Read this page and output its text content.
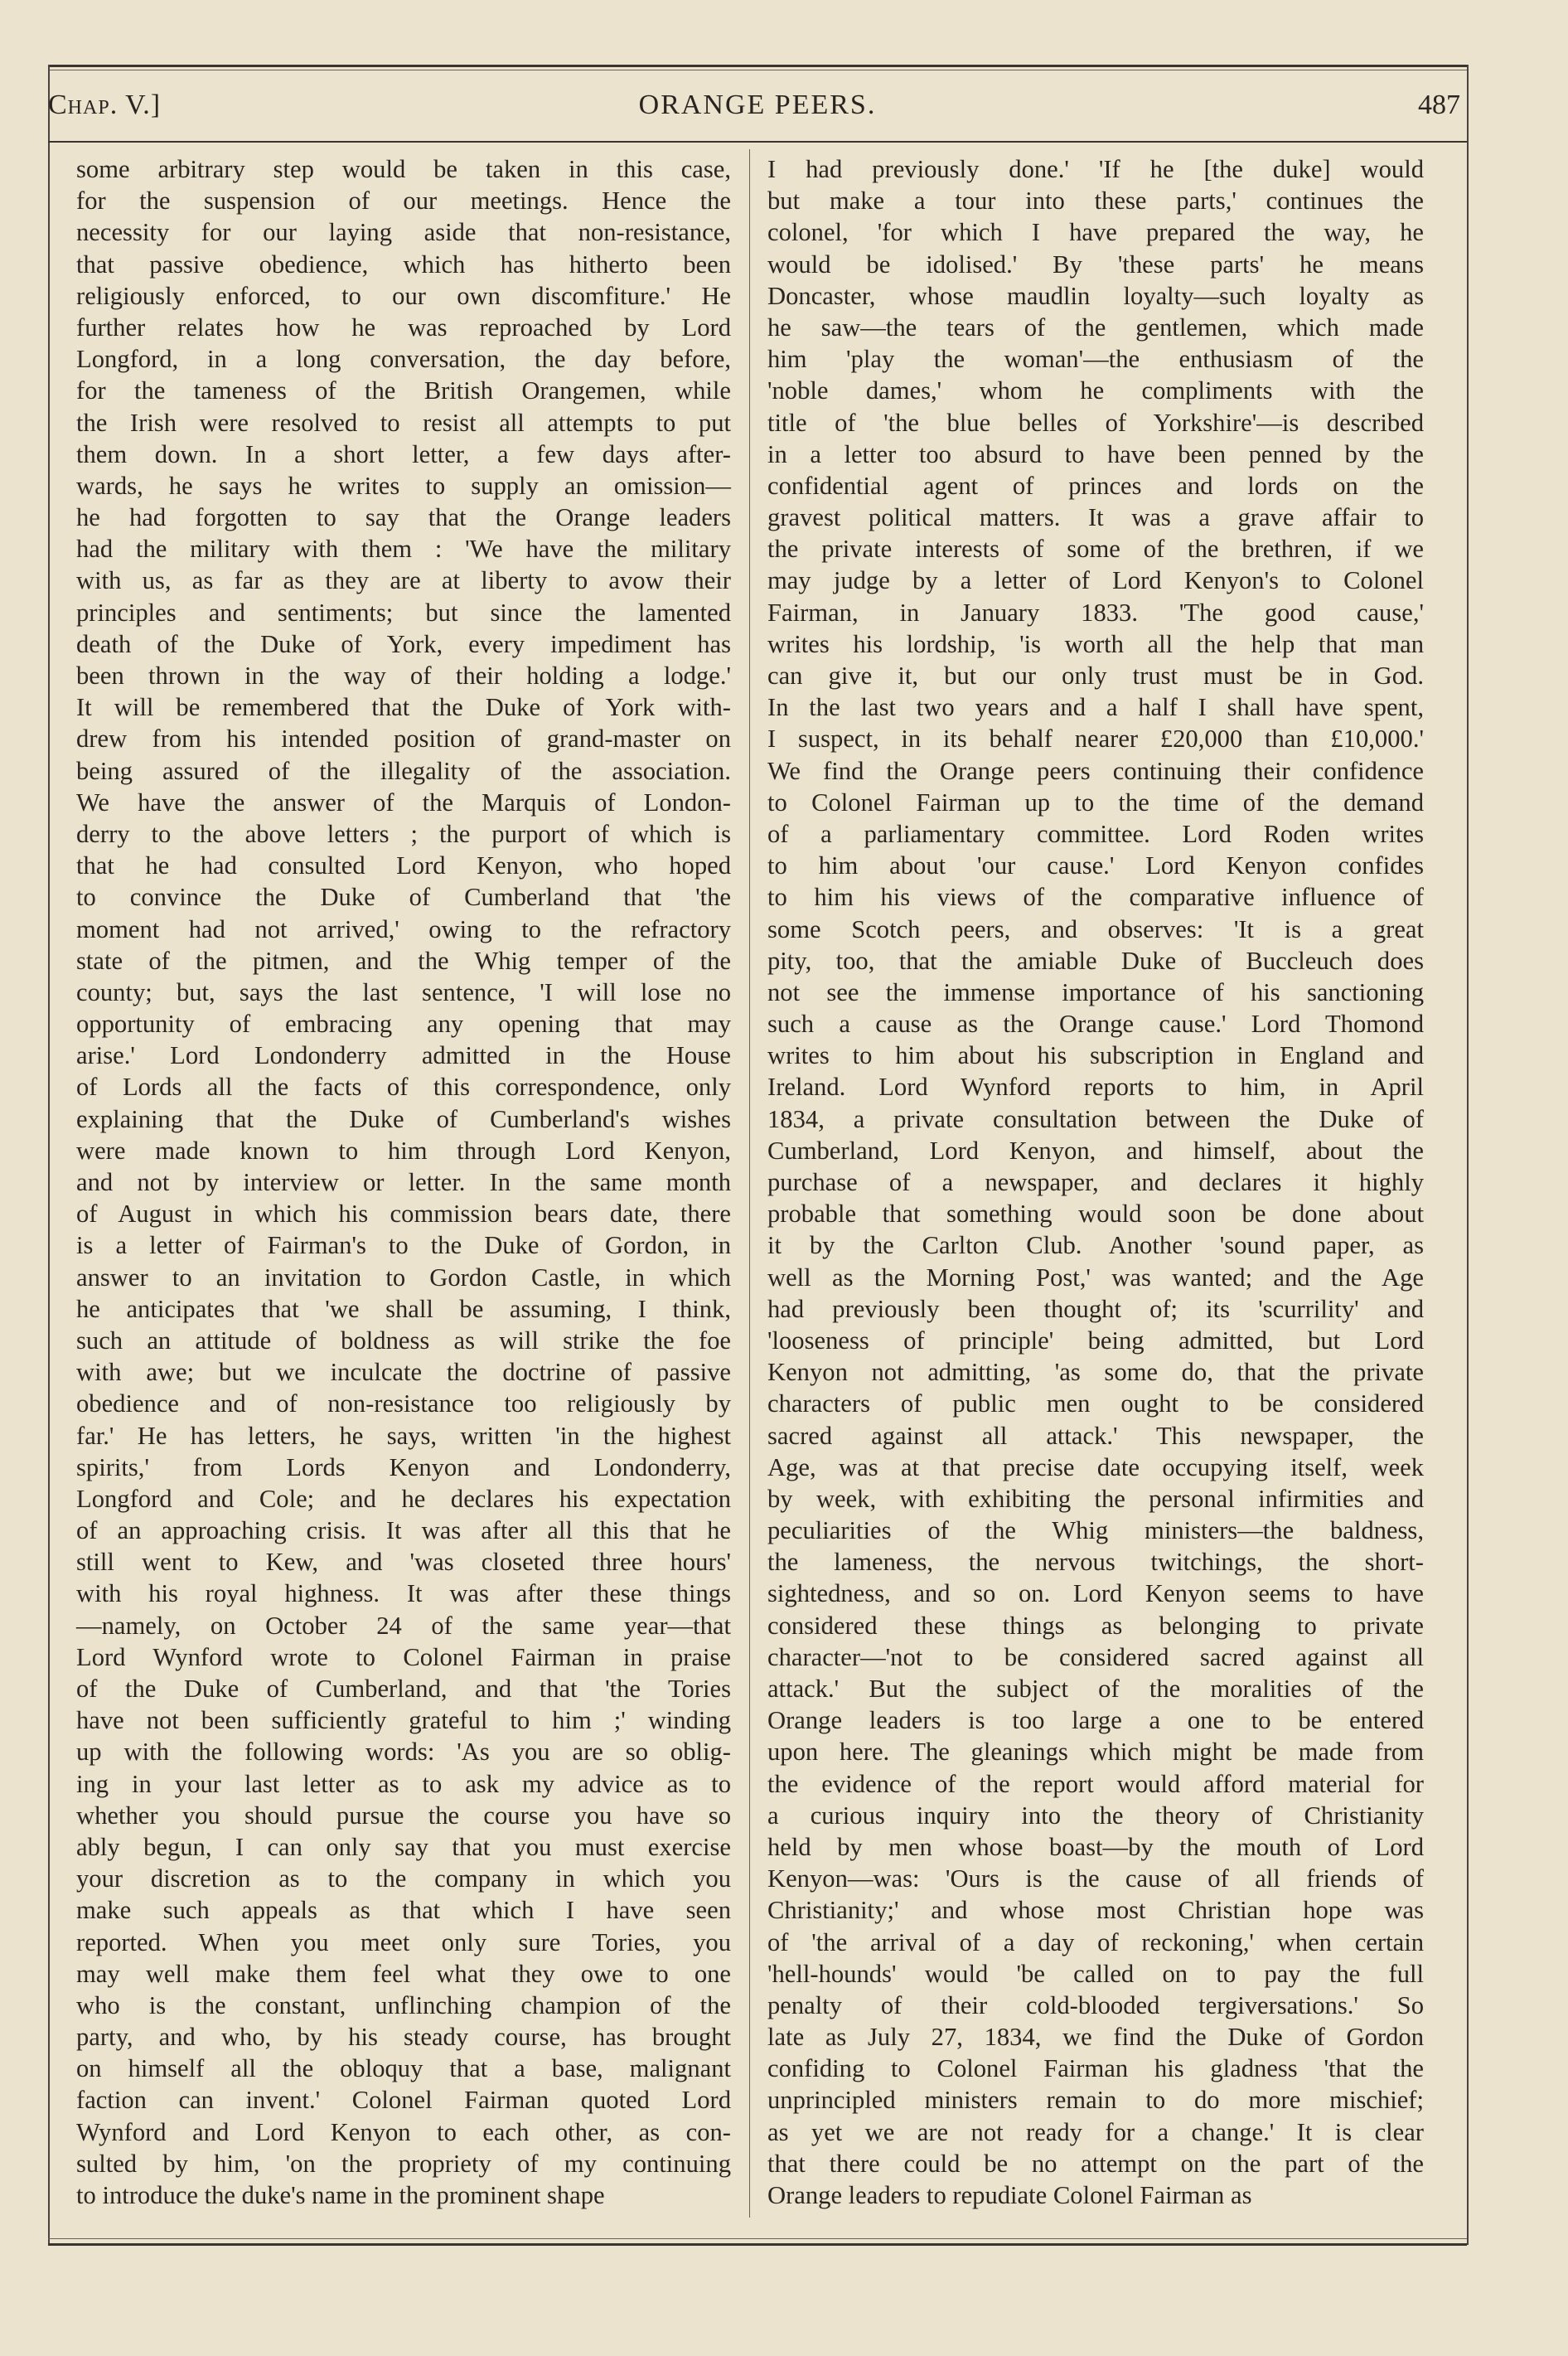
Chap. V.]	ORANGE PEERS.	487
some arbitrary step would be taken in this case,
for the suspension of our meetings. Hence the
necessity for our laying aside that non-resistance,
that passive obedience, which has hitherto been
religiously enforced, to our own discomfiture.' He
further relates how he was reproached by Lord
Longford, in a long conversation, the day before,
for the tameness of the British Orangemen, while
the Irish were resolved to resist all attempts to put
them down. In a short letter, a few days after-
wards, he says he writes to supply an omission—
he had forgotten to say that the Orange leaders
had the military with them : 'We have the military
with us, as far as they are at liberty to avow their
principles and sentiments; but since the lamented
death of the Duke of York, every impediment has
been thrown in the way of their holding a lodge.'
It will be remembered that the Duke of York with-
drew from his intended position of grand-master on
being assured of the illegality of the association.
We have the answer of the Marquis of London-
derry to the above letters ; the purport of which is
that he had consulted Lord Kenyon, who hoped
to convince the Duke of Cumberland that 'the
moment had not arrived,' owing to the refractory
state of the pitmen, and the Whig temper of the
county; but, says the last sentence, 'I will lose no
opportunity of embracing any opening that may
arise.' Lord Londonderry admitted in the House
of Lords all the facts of this correspondence, only
explaining that the Duke of Cumberland's wishes
were made known to him through Lord Kenyon,
and not by interview or letter. In the same month
of August in which his commission bears date, there
is a letter of Fairman's to the Duke of Gordon, in
answer to an invitation to Gordon Castle, in which
he anticipates that 'we shall be assuming, I think,
such an attitude of boldness as will strike the foe
with awe; but we inculcate the doctrine of passive
obedience and of non-resistance too religiously by
far.' He has letters, he says, written 'in the highest
spirits,' from Lords Kenyon and Londonderry,
Longford and Cole; and he declares his expectation
of an approaching crisis. It was after all this that he
still went to Kew, and 'was closeted three hours'
with his royal highness. It was after these things
—namely, on October 24 of the same year—that
Lord Wynford wrote to Colonel Fairman in praise
of the Duke of Cumberland, and that 'the Tories
have not been sufficiently grateful to him ;' winding
up with the following words: 'As you are so oblig-
ing in your last letter as to ask my advice as to
whether you should pursue the course you have so
ably begun, I can only say that you must exercise
your discretion as to the company in which you
make such appeals as that which I have seen
reported. When you meet only sure Tories, you
may well make them feel what they owe to one
who is the constant, unflinching champion of the
party, and who, by his steady course, has brought
on himself all the obloquy that a base, malignant
faction can invent.' Colonel Fairman quoted Lord
Wynford and Lord Kenyon to each other, as con-
sulted by him, 'on the propriety of my continuing
to introduce the duke's name in the prominent shape
I had previously done.' 'If he [the duke] would
but make a tour into these parts,' continues the
colonel, 'for which I have prepared the way, he
would be idolised.' By 'these parts' he means
Doncaster, whose maudlin loyalty—such loyalty as
he saw—the tears of the gentlemen, which made
him 'play the woman'—the enthusiasm of the
'noble dames,' whom he compliments with the
title of 'the blue belles of Yorkshire'—is described
in a letter too absurd to have been penned by the
confidential agent of princes and lords on the
gravest political matters. It was a grave affair to
the private interests of some of the brethren, if we
may judge by a letter of Lord Kenyon's to Colonel
Fairman, in January 1833. 'The good cause,'
writes his lordship, 'is worth all the help that man
can give it, but our only trust must be in God.
In the last two years and a half I shall have spent,
I suspect, in its behalf nearer £20,000 than £10,000.'
We find the Orange peers continuing their confidence
to Colonel Fairman up to the time of the demand
of a parliamentary committee. Lord Roden writes
to him about 'our cause.' Lord Kenyon confides
to him his views of the comparative influence of
some Scotch peers, and observes: 'It is a great
pity, too, that the amiable Duke of Buccleuch does
not see the immense importance of his sanctioning
such a cause as the Orange cause.' Lord Thomond
writes to him about his subscription in England and
Ireland. Lord Wynford reports to him, in April
1834, a private consultation between the Duke of
Cumberland, Lord Kenyon, and himself, about the
purchase of a newspaper, and declares it highly
probable that something would soon be done about
it by the Carlton Club. Another 'sound paper, as
well as the Morning Post,' was wanted; and the Age
had previously been thought of; its 'scurrility' and
'looseness of principle' being admitted, but Lord
Kenyon not admitting, 'as some do, that the private
characters of public men ought to be considered
sacred against all attack.' This newspaper, the
Age, was at that precise date occupying itself, week
by week, with exhibiting the personal infirmities and
peculiarities of the Whig ministers—the baldness,
the lameness, the nervous twitchings, the short-
sightedness, and so on. Lord Kenyon seems to have
considered these things as belonging to private
character—'not to be considered sacred against all
attack.' But the subject of the moralities of the
Orange leaders is too large a one to be entered
upon here. The gleanings which might be made from
the evidence of the report would afford material for
a curious inquiry into the theory of Christianity
held by men whose boast—by the mouth of Lord
Kenyon—was: 'Ours is the cause of all friends of
Christianity;' and whose most Christian hope was
of 'the arrival of a day of reckoning,' when certain
'hell-hounds' would 'be called on to pay the full
penalty of their cold-blooded tergiversations.' So
late as July 27, 1834, we find the Duke of Gordon
confiding to Colonel Fairman his gladness 'that the
unprincipled ministers remain to do more mischief;
as yet we are not ready for a change.' It is clear
that there could be no attempt on the part of the
Orange leaders to repudiate Colonel Fairman as
